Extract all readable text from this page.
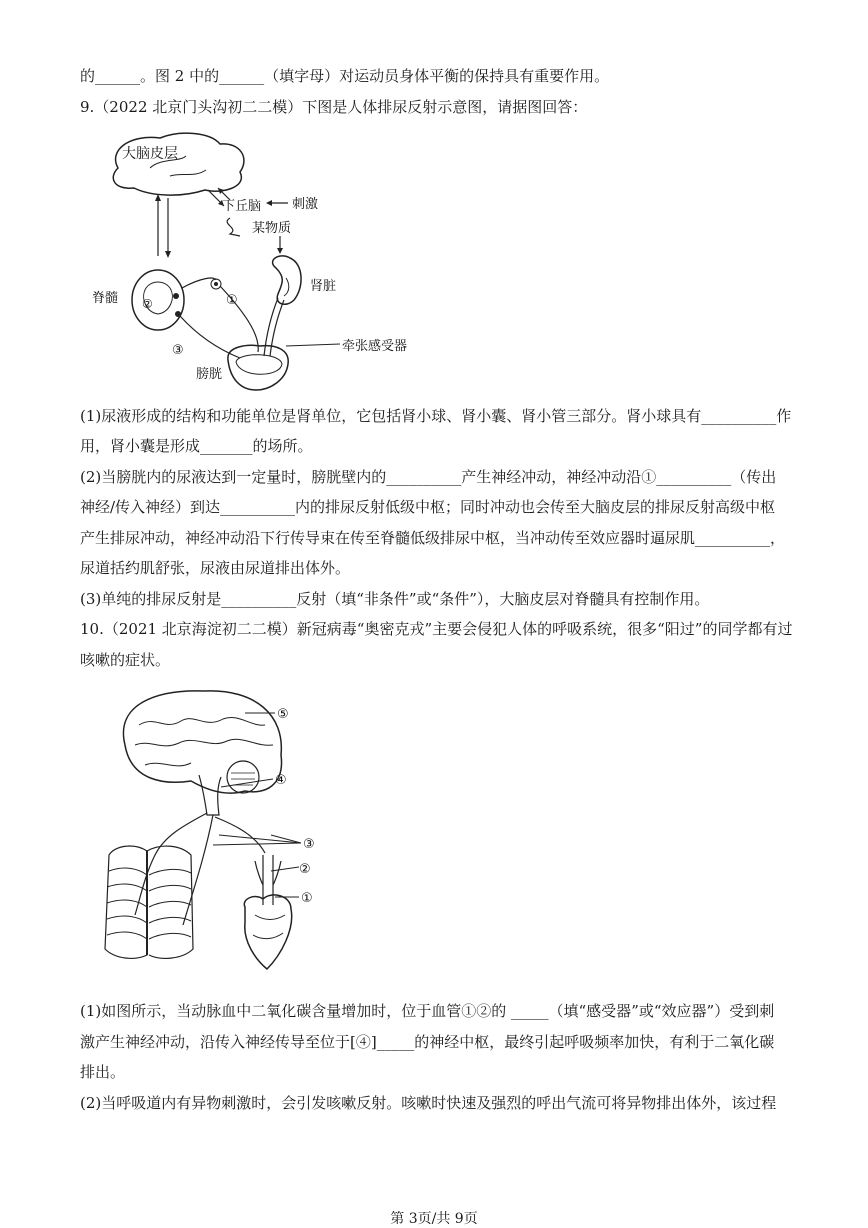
的______。图 2 中的______（填字母）对运动员身体平衡的保持具有重要作用。
9.（2022 北京门头沟初二二模）下图是人体排尿反射示意图，请据图回答：
大脑皮层
下丘脑 刺激
某物质
脊髓 ②	①
③
肾脏
牵张感受器
膀胱
(1)尿液形成的结构和功能单位是肾单位，它包括肾小球、肾小囊、肾小管三部分。肾小球具有__________作
用，肾小囊是形成_______的场所。
(2)当膀胱内的尿液达到一定量时，膀胱壁内的__________产生神经冲动，神经冲动沿①__________（传出
神经/传入神经）到达__________内的排尿反射低级中枢；同时冲动也会传至大脑皮层的排尿反射高级中枢
产生排尿冲动，神经冲动沿下行传导束在传至脊髓低级排尿中枢，当冲动传至效应器时逼尿肌__________，
尿道括约肌舒张，尿液由尿道排出体外。
(3)单纯的排尿反射是__________反射（填“非条件”或“条件”），大脑皮层对脊髓具有控制作用。
10.（2021 北京海淀初二二模）新冠病毒“奥密克戎”主要会侵犯人体的呼吸系统，很多“阳过”的同学都有过
咳嗽的症状。
⑤
④
③
②
①
(1)如图所示，当动脉血中二氧化碳含量增加时，位于血管①②的 _____（填“感受器”或“效应器”）受到刺
激产生神经冲动，沿传入神经传导至位于[④]_____的神经中枢，最终引起呼吸频率加快，有利于二氧化碳
排出。
(2)当呼吸道内有异物刺激时，会引发咳嗽反射。咳嗽时快速及强烈的呼出气流可将异物排出体外，该过程
第 3页/共 9页
